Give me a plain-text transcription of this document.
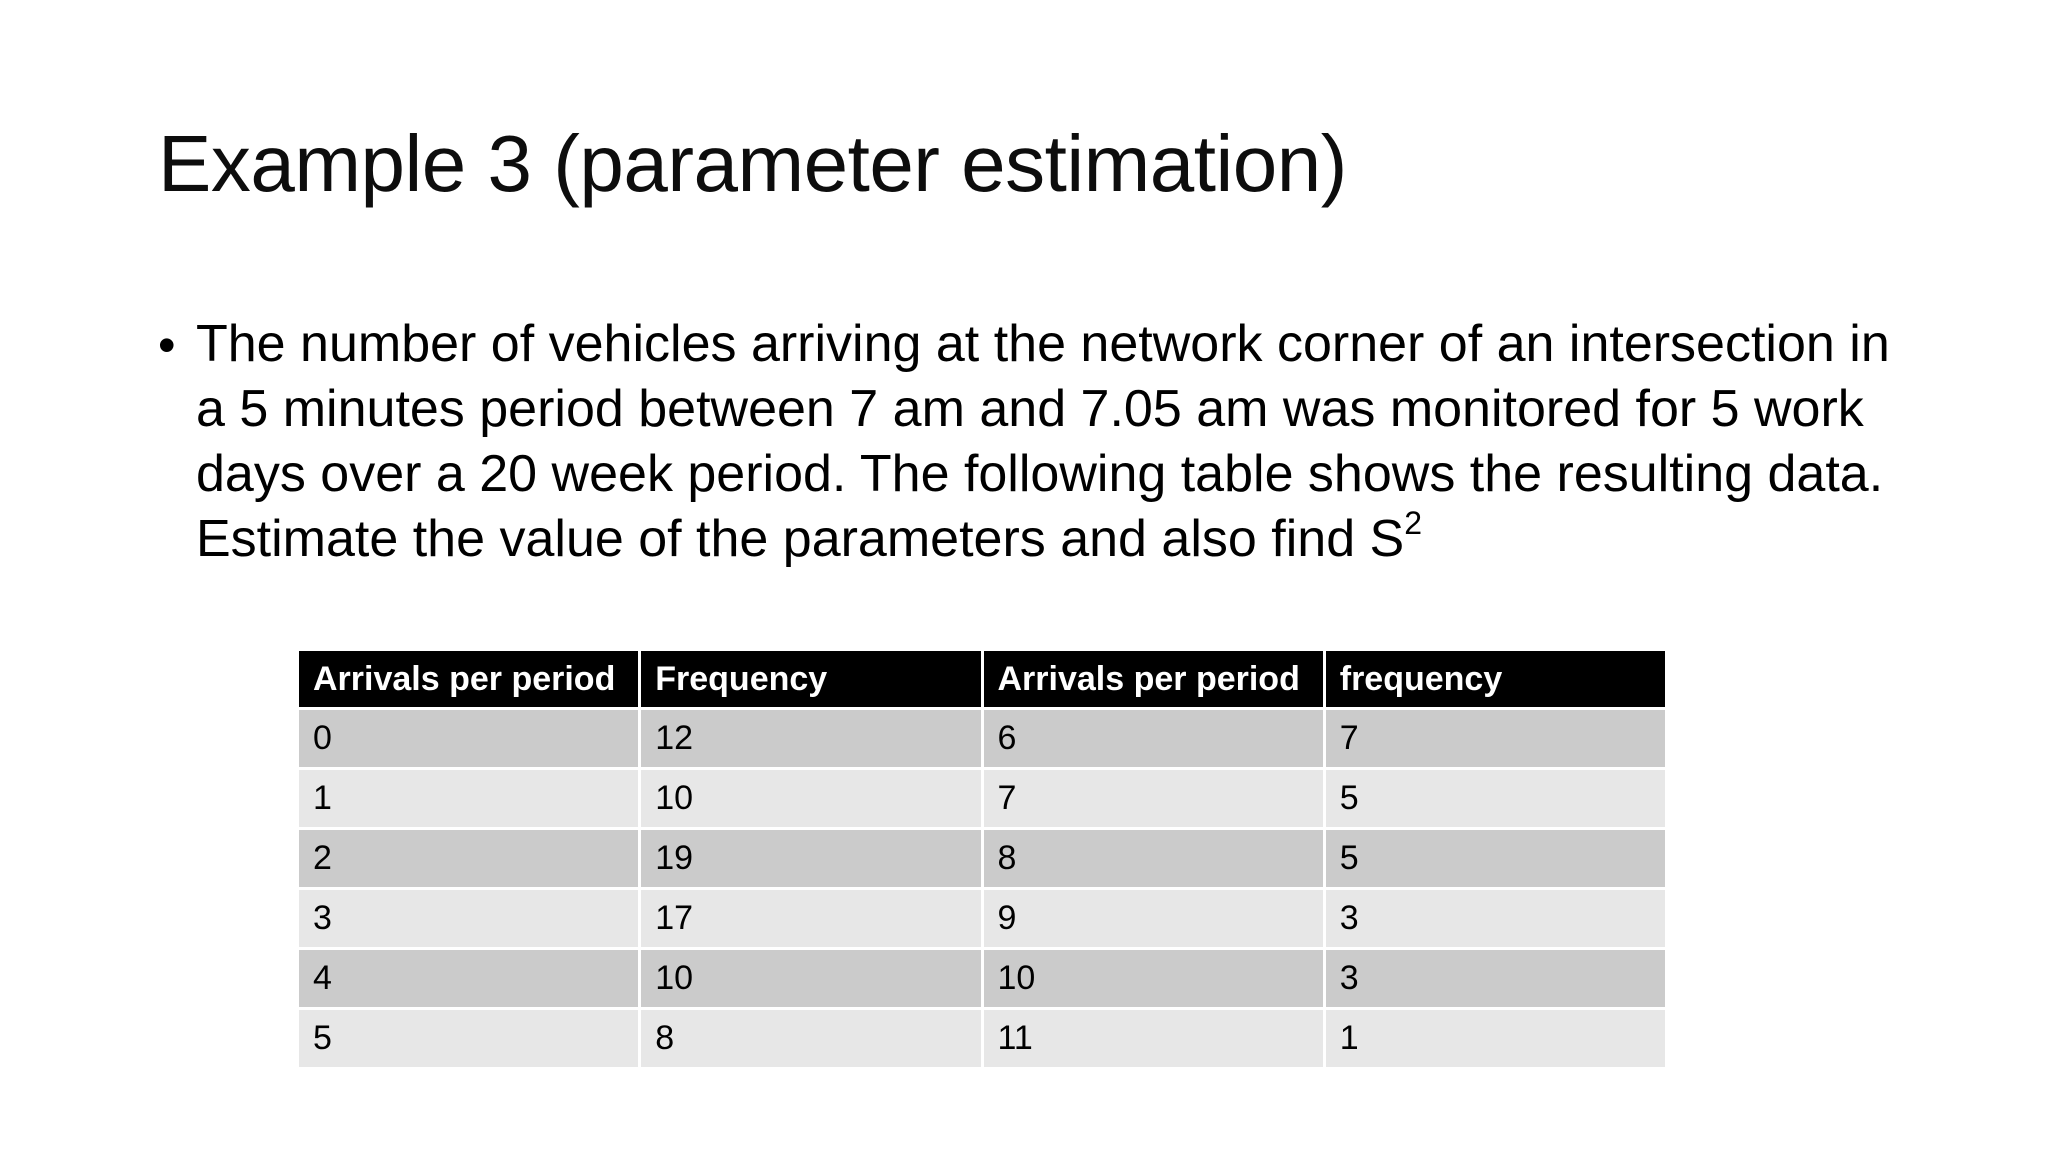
Example 3 (parameter estimation)
• The number of vehicles arriving at the network corner of an intersection in a 5 minutes period between 7 am and 7.05 am was monitored for 5 work days over a 20 week period. The following table shows the resulting data. Estimate the value of the parameters and also find $S^2$
Arrivals per period	Frequency	Arrivals per period	frequency
0	12	6	7
1	10	7	5
2	19	8	5
3	17	9	3
4	10	10	3
5	8	11	1
